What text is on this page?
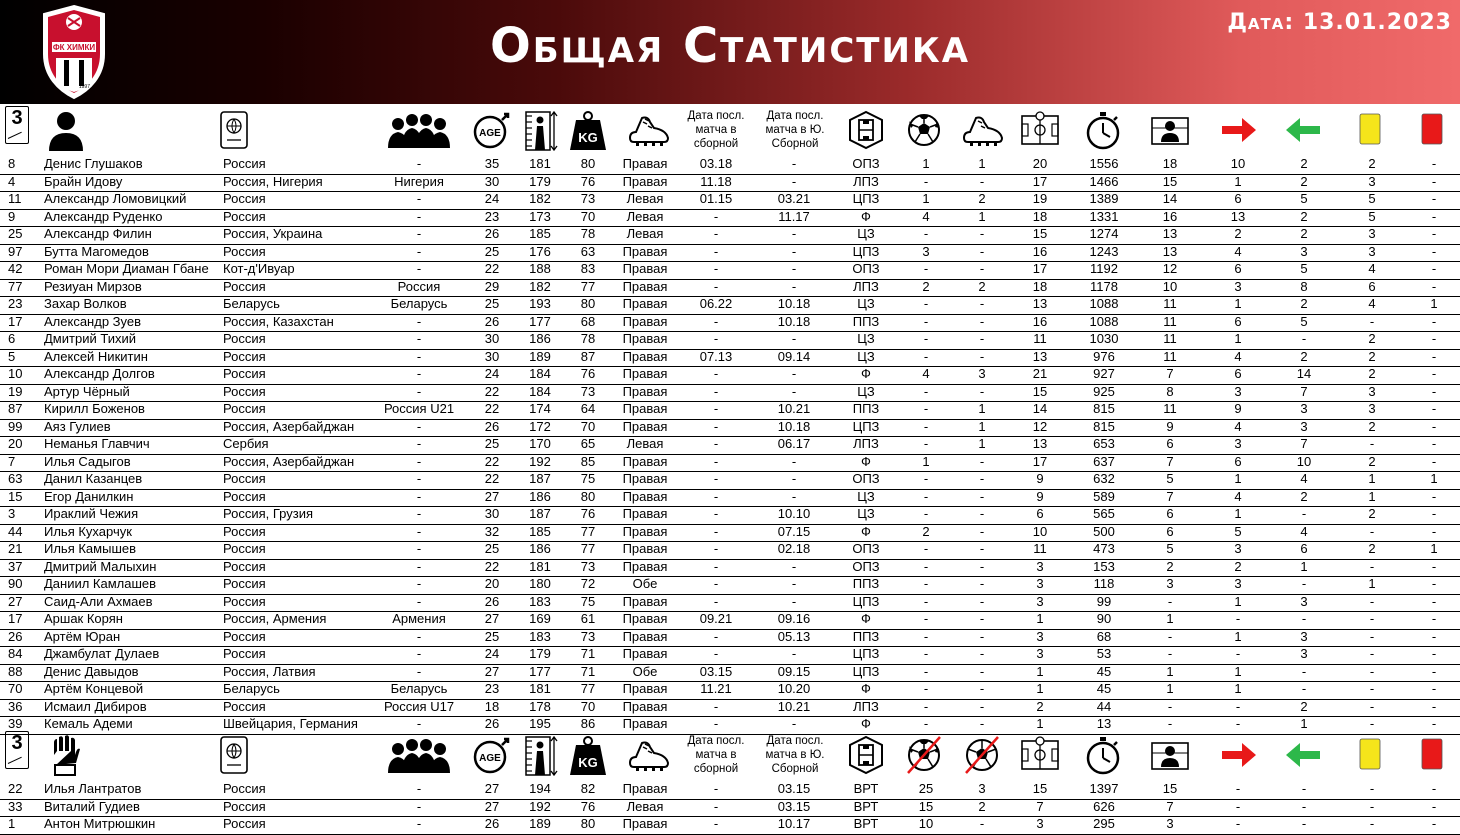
ФК ХИМКИ
1997
Общая Статистика	Дата: 13.01.2023
3
AGE	KG
Дата посл. матча в сборной
Дата посл. матча в Ю. Сборной
8	Денис Глушаков	Россия	-	35	181	80	Правая	03.18	-	ОПЗ	1	1	20	1556	18	10	2	2	-
4	Брайн Идову	Россия, Нигерия	Нигерия	30	179	76	Правая	11.18	-	ЛПЗ	-	-	17	1466	15	1	2	3	-
11	Александр Ломовицкий	Россия	-	24	182	73	Левая	01.15	03.21	ЦПЗ	1	2	19	1389	14	6	5	5	-
9	Александр Руденко	Россия	-	23	173	70	Левая	-	11.17	Ф	4	1	18	1331	16	13	2	5	-
25	Александр Филин	Россия, Украина	-	26	185	78	Левая	-	-	ЦЗ	-	-	15	1274	13	2	2	3	-
97	Бутта Магомедов	Россия	-	25	176	63	Правая	-	-	ЦПЗ	3	-	16	1243	13	4	3	3	-
42	Роман Мори Диаман Гбане	Кот-д'Ивуар	-	22	188	83	Правая	-	-	ОПЗ	-	-	17	1192	12	6	5	4	-
77	Резиуан Мирзов	Россия	Россия	29	182	77	Правая	-	-	ЛПЗ	2	2	18	1178	10	3	8	6	-
23	Захар Волков	Беларусь	Беларусь	25	193	80	Правая	06.22	10.18	ЦЗ	-	-	13	1088	11	1	2	4	1
17	Александр Зуев	Россия, Казахстан	-	26	177	68	Правая	-	10.18	ППЗ	-	-	16	1088	11	6	5	-	-
6	Дмитрий Тихий	Россия	-	30	186	78	Правая	-	-	ЦЗ	-	-	11	1030	11	1	-	2	-
5	Алексей Никитин	Россия	-	30	189	87	Правая	07.13	09.14	ЦЗ	-	-	13	976	11	4	2	2	-
10	Александр Долгов	Россия	-	24	184	76	Правая	-	-	Ф	4	3	21	927	7	6	14	2	-
19	Артур Чёрный	Россия	-	22	184	73	Правая	-	-	ЦЗ	-	-	15	925	8	3	7	3	-
87	Кирилл Боженов	Россия	Россия U21	22	174	64	Правая	-	10.21	ППЗ	-	1	14	815	11	9	3	3	-
99	Аяз Гулиев	Россия, Азербайджан	-	26	172	70	Правая	-	10.18	ЦПЗ	-	1	12	815	9	4	3	2	-
20	Неманья Главчич	Сербия	-	25	170	65	Левая	-	06.17	ЛПЗ	-	1	13	653	6	3	7	-	-
7	Илья Садыгов	Россия, Азербайджан	-	22	192	85	Правая	-	-	Ф	1	-	17	637	7	6	10	2	-
63	Данил Казанцев	Россия	-	22	187	75	Правая	-	-	ОПЗ	-	-	9	632	5	1	4	1	1
15	Егор Данилкин	Россия	-	27	186	80	Правая	-	-	ЦЗ	-	-	9	589	7	4	2	1	-
3	Ираклий Чежия	Россия, Грузия	-	30	187	76	Правая	-	10.10	ЦЗ	-	-	6	565	6	1	-	2	-
44	Илья Кухарчук	Россия	-	32	185	77	Правая	-	07.15	Ф	2	-	10	500	6	5	4	-	-
21	Илья Камышев	Россия	-	25	186	77	Правая	-	02.18	ОПЗ	-	-	11	473	5	3	6	2	1
37	Дмитрий Малыхин	Россия	-	22	181	73	Правая	-	-	ОПЗ	-	-	3	153	2	2	1	-	-
90	Даниил Камлашев	Россия	-	20	180	72	Обе	-	-	ППЗ	-	-	3	118	3	3	-	1	-
27	Саид-Али Ахмаев	Россия	-	26	183	75	Правая	-	-	ЦПЗ	-	-	3	99	-	1	3	-	-
17	Аршак Корян	Россия, Армения	Армения	27	169	61	Правая	09.21	09.16	Ф	-	-	1	90	1	-	-	-	-
26	Артём Юран	Россия	-	25	183	73	Правая	-	05.13	ППЗ	-	-	3	68	-	1	3	-	-
84	Джамбулат Дулаев	Россия	-	24	179	71	Правая	-	-	ЦПЗ	-	-	3	53	-	-	3	-	-
88	Денис Давыдов	Россия, Латвия	-	27	177	71	Обе	03.15	09.15	ЦПЗ	-	-	1	45	1	1	-	-	-
70	Артём Концевой	Беларусь	Беларусь	23	181	77	Правая	11.21	10.20	Ф	-	-	1	45	1	1	-	-	-
36	Исмаил Дибиров	Россия	Россия U17	18	178	70	Правая	-	10.21	ЛПЗ	-	-	2	44	-	-	2	-	-
39	Кемаль Адеми	Швейцария, Германия	-	26	195	86	Правая	-	-	Ф	-	-	1	13	-	-	1	-	-
3
AGE	KG
Дата посл. матча в сборной
Дата посл. матча в Ю. Сборной
22	Илья Лантратов	Россия	-	27	194	82	Правая	-	03.15	ВРТ	25	3	15	1397	15	-	-	-	-
33	Виталий Гудиев	Россия	-	27	192	76	Левая	-	03.15	ВРТ	15	2	7	626	7	-	-	-	-
1	Антон Митрюшкин	Россия	-	26	189	80	Правая	-	10.17	ВРТ	10	-	3	295	3	-	-	-	-
